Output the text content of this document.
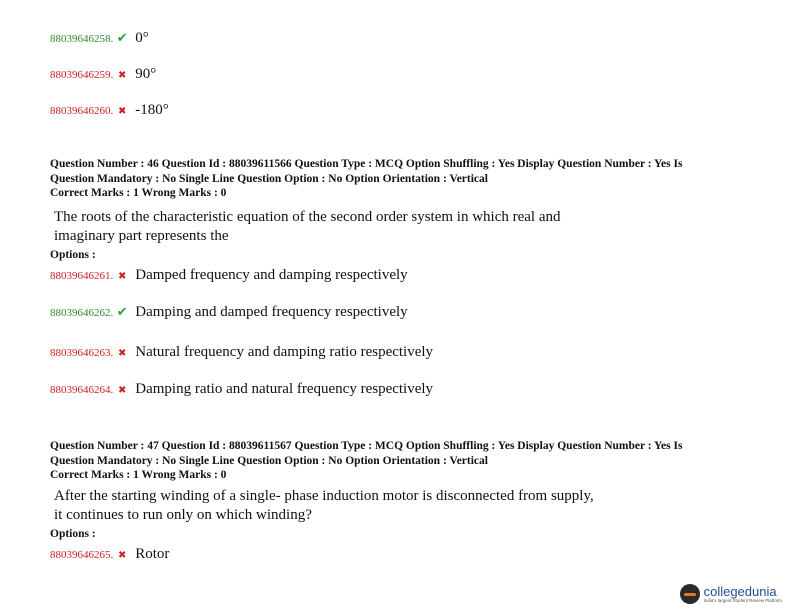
88039646258. ✔ 0°
88039646259. ✖ 90°
88039646260. ✖ -180°
Question Number : 46 Question Id : 88039611566 Question Type : MCQ Option Shuffling : Yes Display Question Number : Yes Is
Question Mandatory : No Single Line Question Option : No Option Orientation : Vertical
Correct Marks : 1 Wrong Marks : 0
The roots of the characteristic equation of the second order system in which real and
imaginary part represents the
Options :
88039646261. ✖ Damped frequency and damping respectively
88039646262. ✔ Damping and damped frequency respectively
88039646263. ✖ Natural frequency and damping ratio respectively
88039646264. ✖ Damping ratio and natural frequency respectively
Question Number : 47 Question Id : 88039611567 Question Type : MCQ Option Shuffling : Yes Display Question Number : Yes Is
Question Mandatory : No Single Line Question Option : No Option Orientation : Vertical
Correct Marks : 1 Wrong Marks : 0
After the starting winding of a single- phase induction motor is disconnected from supply,
it continues to run only on which winding?
Options :
88039646265. ✖ Rotor
collegedunia
India's largest Student Review Platform
